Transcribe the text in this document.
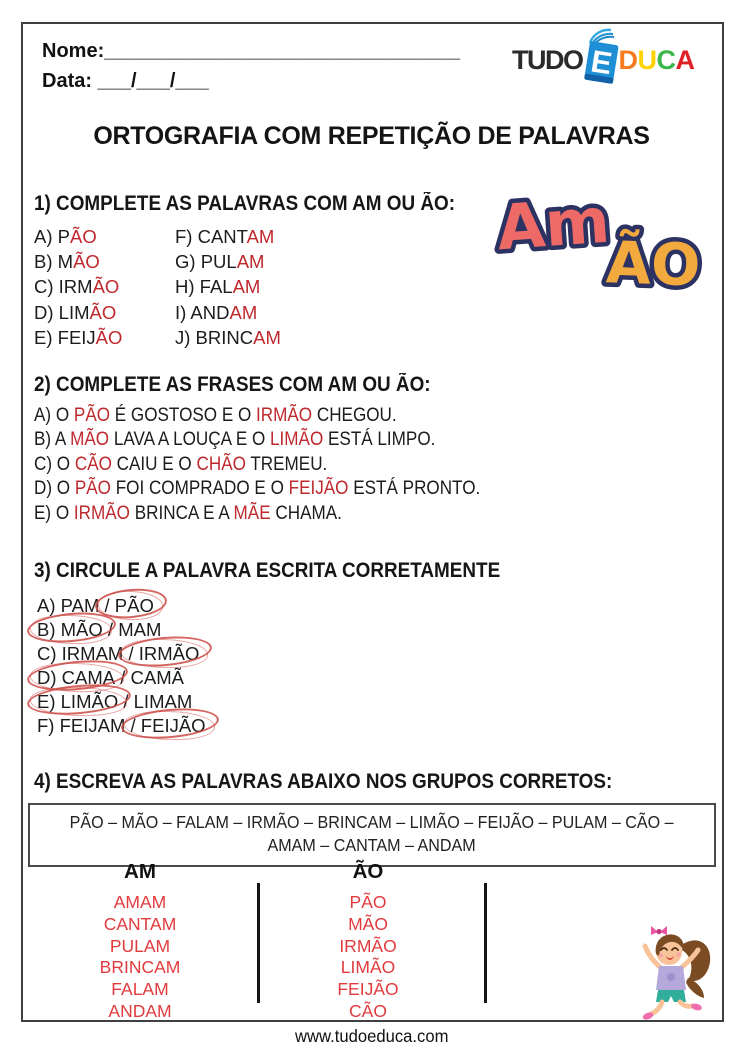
Nome:________________________________
Data: ___/___/___
TUDO E DUCA
ORTOGRAFIA COM REPETIÇÃO DE PALAVRAS
1) COMPLETE AS PALAVRAS COM AM OU ÃO:
A) PÃO
B) MÃO
C) IRMÃO
D) LIMÃO
E) FEIJÃO
F) CANTAM
G) PULAM
H) FALAM
I) ANDAM
J) BRINCAM
Am
ÃO
2) COMPLETE AS FRASES COM AM OU ÃO:
A) O PÃO É GOSTOSO E O IRMÃO CHEGOU.
B) A MÃO LAVA A LOUÇA E O LIMÃO ESTÁ LIMPO.
C) O CÃO CAIU E O CHÃO TREMEU.
D) O PÃO FOI COMPRADO E O FEIJÃO ESTÁ PRONTO.
E) O IRMÃO BRINCA E A MÃE CHAMA.
3) CIRCULE A PALAVRA ESCRITA CORRETAMENTE
A) PAM / PÃO
B) MÃO / MAM
C) IRMAM / IRMÃO
D) CAMA / CAMÃ
E) LIMÃO / LIMAM
F) FEIJAM / FEIJÃO
4) ESCREVA AS PALAVRAS ABAIXO NOS GRUPOS CORRETOS:
PÃO – MÃO – FALAM – IRMÃO – BRINCAM – LIMÃO – FEIJÃO – PULAM – CÃO – AMAM – CANTAM – ANDAM
AM
AMAM
CANTAM
PULAM
BRINCAM
FALAM
ANDAM
ÃO
PÃO
MÃO
IRMÃO
LIMÃO
FEIJÃO
CÃO
www.tudoeduca.com
